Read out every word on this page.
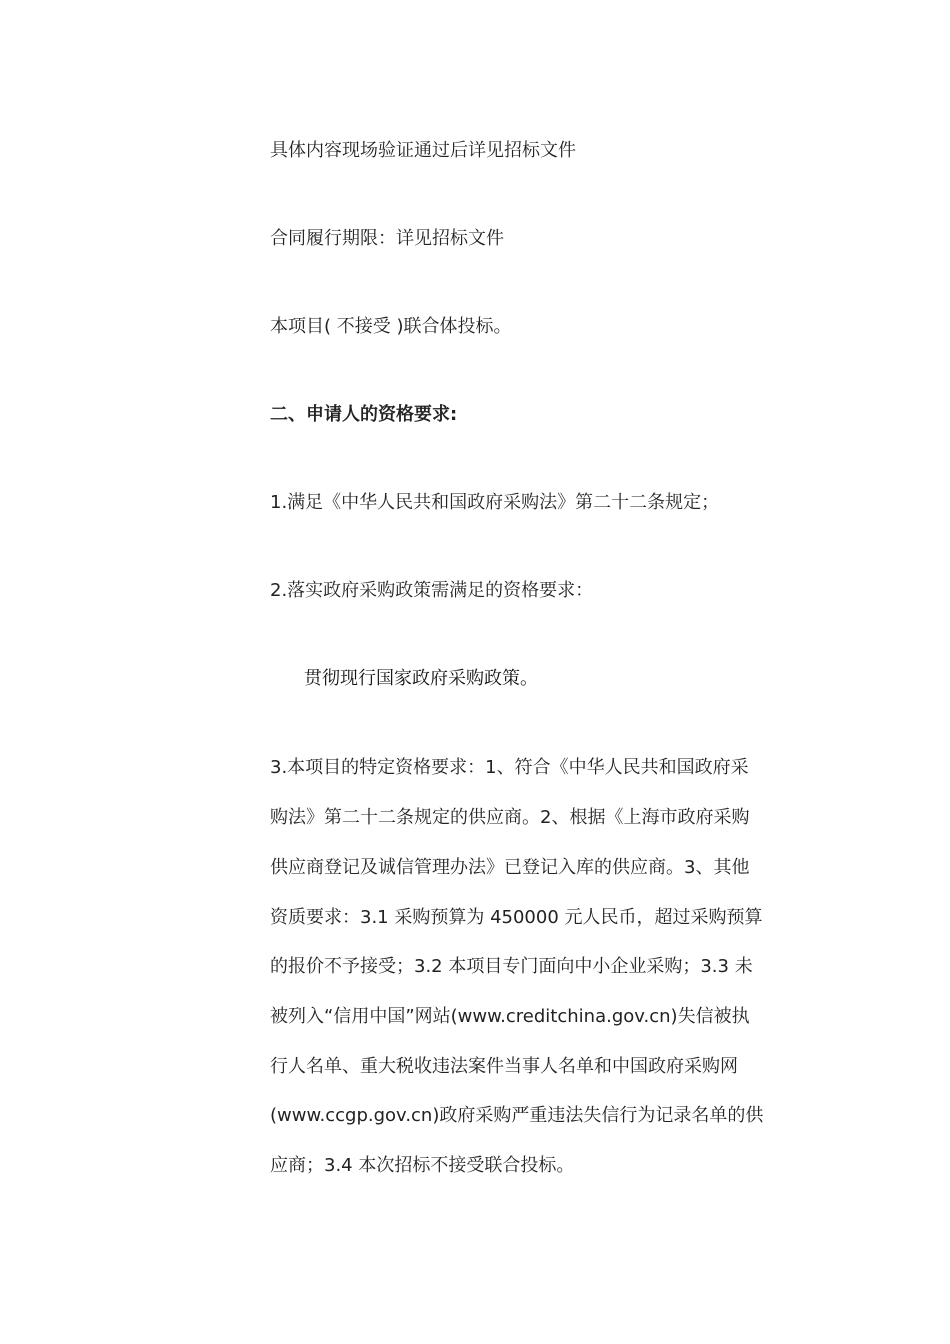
具体内容现场验证通过后详见招标文件
合同履行期限：详见招标文件
本项目( 不接受 )联合体投标。
二、申请人的资格要求:
1.满足《中华人民共和国政府采购法》第二十二条规定；
2.落实政府采购政策需满足的资格要求：
贯彻现行国家政府采购政策。
3.本项目的特定资格要求：1、符合《中华人民共和国政府采
购法》第二十二条规定的供应商。2、根据《上海市政府采购
供应商登记及诚信管理办法》已登记入库的供应商。3、其他
资质要求：3.1 采购预算为 450000 元人民币，超过采购预算
的报价不予接受；3.2 本项目专门面向中小企业采购；3.3 未
被列入“信用中国”网站(www.creditchina.gov.cn)失信被执
行人名单、重大税收违法案件当事人名单和中国政府采购网
(www.ccgp.gov.cn)政府采购严重违法失信行为记录名单的供
应商；3.4 本次招标不接受联合投标。
